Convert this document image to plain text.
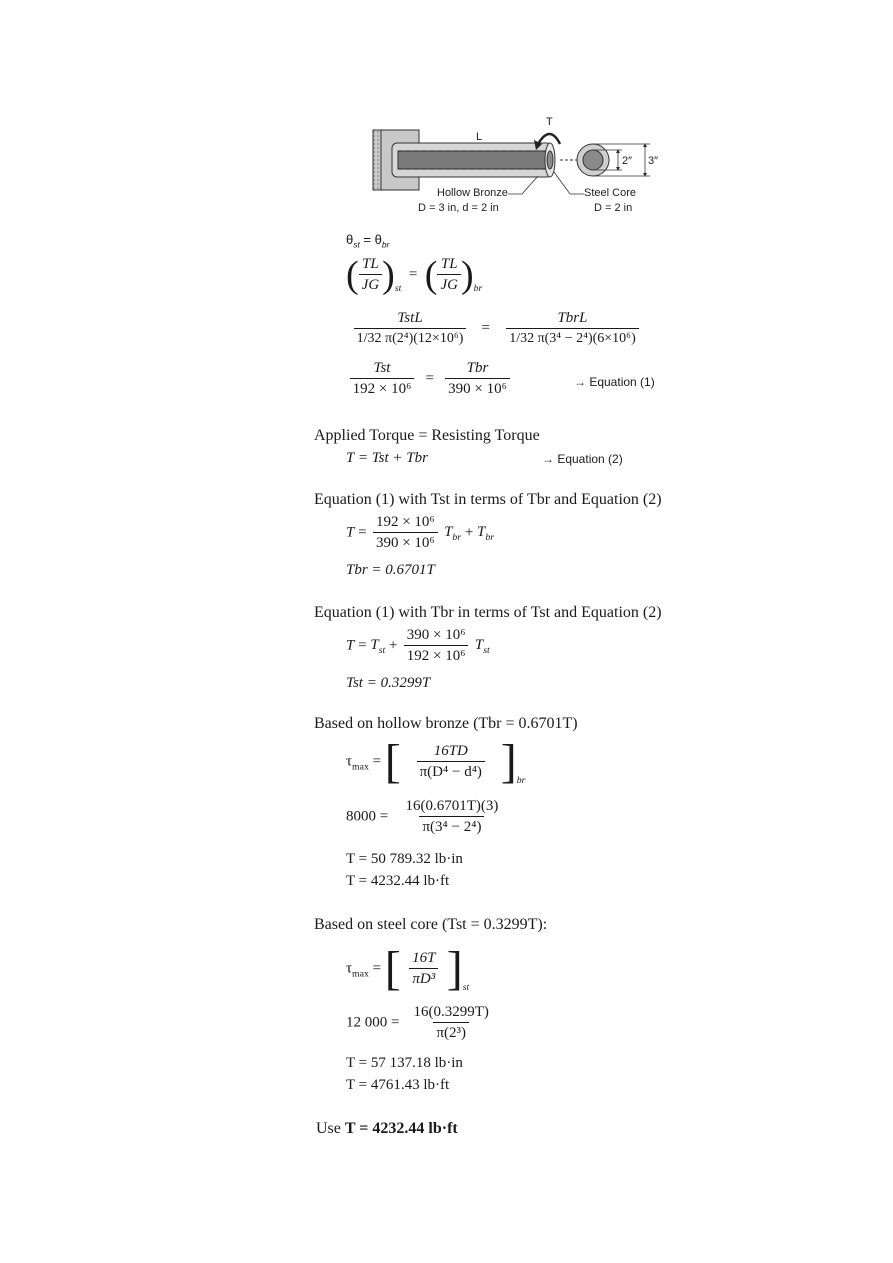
T
L
2″ 3″
Hollow Bronze
D = 3 in, d = 2 in
Steel Core
D = 2 in
$\theta_{st} = \theta_{br}$
( $\frac{TL}{JG} )_{st}$
= ( $\frac{TL}{JG} )_{br}$
$\frac{\text{TstL}}{\text{1/32 π(2⁴)(12×10⁶)}} = \frac{\text{TbrL}}{\text{1/32 π(3⁴ − 2⁴)(6×10⁶)}}$
$\frac{\text{Tst}}{\text{192 × 10⁶}} = \frac{\text{Tbr}}{\text{390 × 10⁶}}$	→ Equation (1)
Applied Torque = Resisting Torque
T = Tst + Tbr	→ Equation (2)
Equation (1) with Tst in terms of Tbr and Equation (2)
$T = \frac{\text{192 × 10⁶}}{\text{390 × 10⁶}} T_{br} + T_{br}$
Tbr = 0.6701T
Equation (1) with Tbr in terms of Tst and Equation (2)
$T = T_{st} + \frac{\text{390 × 10⁶}}{\text{192 × 10⁶}} T_{st}$
Tst = 0.3299T
Based on hollow bronze (Tbr = 0.6701T)
$\tau_{max}$ = [ $\frac{16TD}{\text{π(D⁴ − d⁴)}} ]_{br}$
$8000 = \frac{16(0.6701T)(3)}{\text{π(3⁴ − 2⁴)}}$
T = 50 789.32 lb·in
T = 4232.44 lb·ft
Based on steel core (Tst = 0.3299T):
$\tau_{max}$ = [ $\frac{16T}{\text{πD³}} ]_{st}$
12 $000 = \frac{16(0.3299T)}{\text{π(2³)}}$
T = 57 137.18 lb·in
T = 4761.43 lb·ft
Use T = 4232.44 lb·ft
